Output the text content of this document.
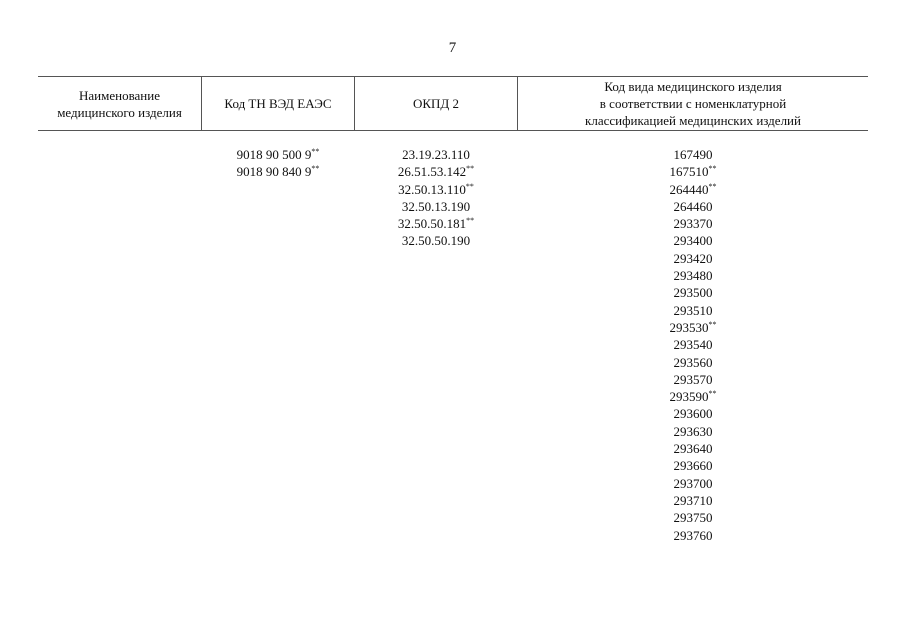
7
Наименование
медицинского изделия
Код ТН ВЭД ЕАЭС	ОКПД 2
Код вида медицинского изделия
в соответствии с номенклатурной
классификацией медицинских изделий
9018 90 500 9**
9018 90 840 9**
23.19.23.110
26.51.53.142**
32.50.13.110**
32.50.13.190
32.50.50.181**
32.50.50.190
167490
167510**
264440**
264460
293370
293400
293420
293480
293500
293510
293530**
293540
293560
293570
293590**
293600
293630
293640
293660
293700
293710
293750
293760
